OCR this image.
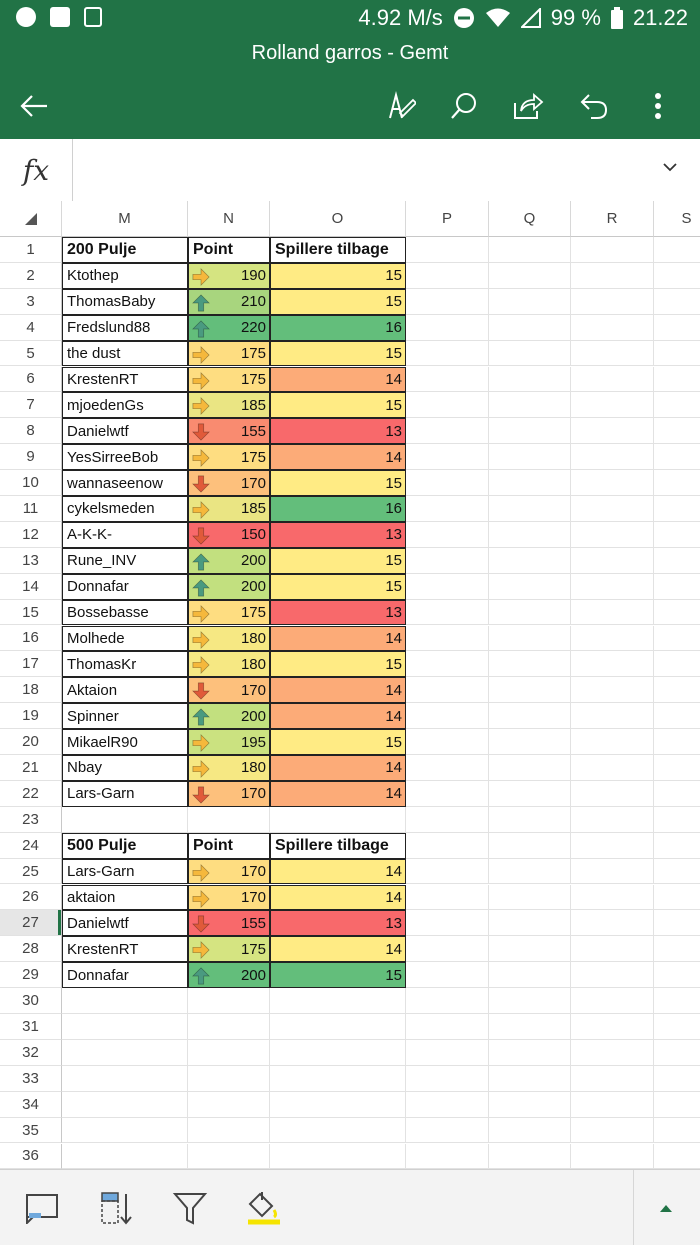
4.92 M/s	99 % 21.22
Rolland garros - Gemt
fx
M	N	O	P	Q	R	S
1
2
3
4
5
6
7
8
9
10
11
12
13
14
15
16
17
18
19
20
21
22
23
24
25
26
27
28
29
30
31
32
33
34
35
36
200 Pulje	Point	Spillere tilbage
Ktothep	190	15
ThomasBaby	210	15
Fredslund88	220	16
the dust	175	15
KrestenRT	175	14
mjoedenGs	185	15
Danielwtf	155	13
YesSirreeBob	175	14
wannaseenow	170	15
cykelsmeden	185	16
A-K-K-	150	13
Rune_INV	200	15
Donnafar	200	15
Bossebasse	175	13
Molhede	180	14
ThomasKr	180	15
Aktaion	170	14
Spinner	200	14
MikaelR90	195	15
Nbay	180	14
Lars-Garn	170	14
500 Pulje	Point	Spillere tilbage
Lars-Garn	170	14
aktaion	170	14
Danielwtf	155	13
KrestenRT	175	14
Donnafar	200	15
